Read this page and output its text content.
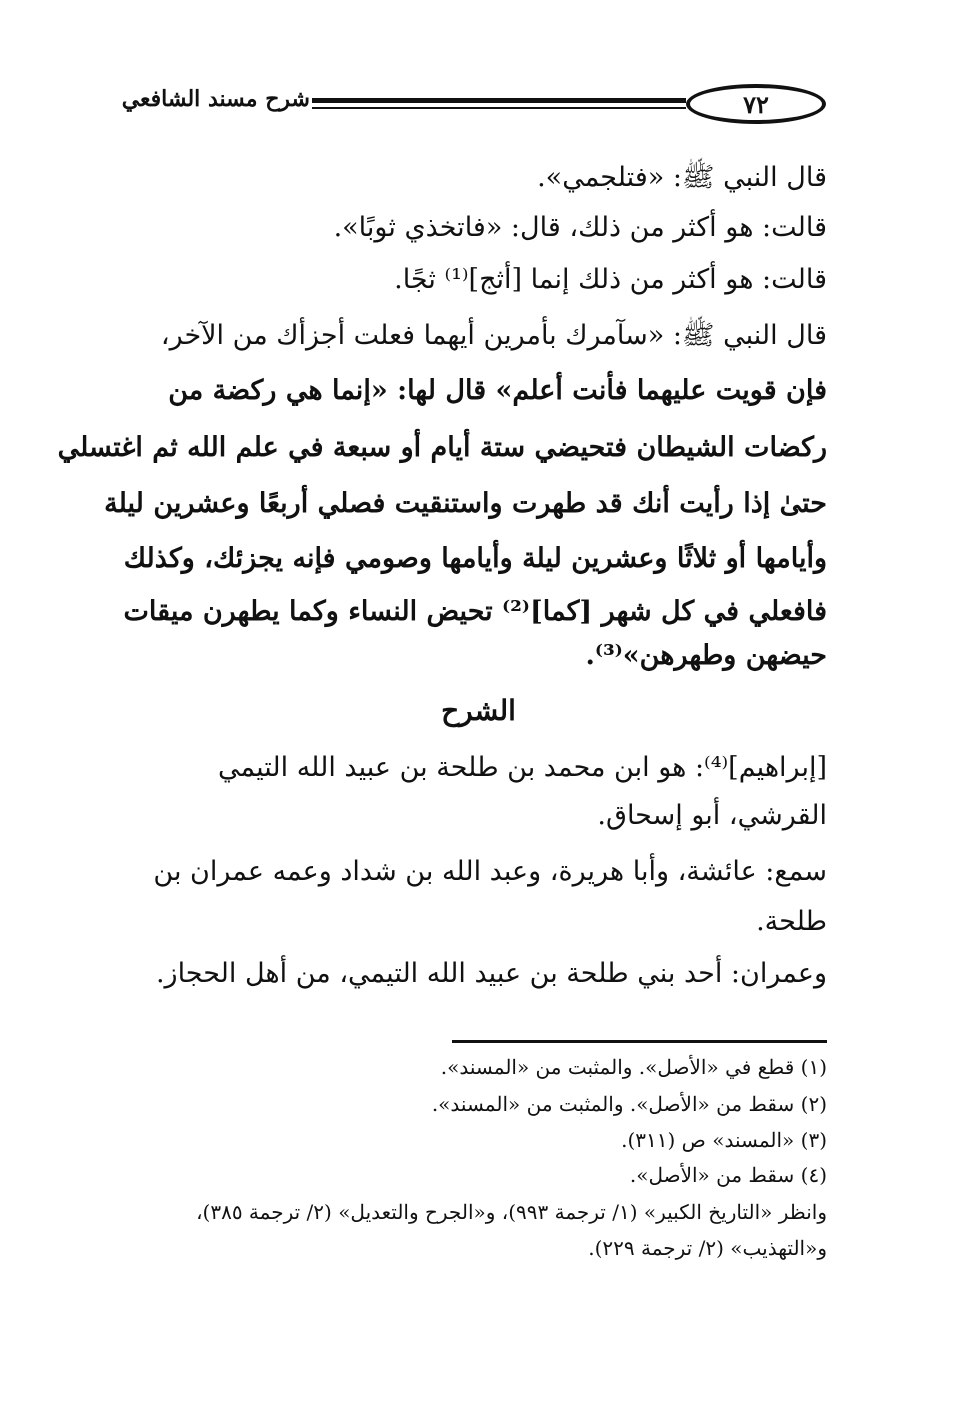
٧٢
شرح مسند الشافعي
قال النبي ﷺ: «فتلجمي».
قالت: هو أكثر من ذلك، قال: «فاتخذي ثوبًا».
قالت: هو أكثر من ذلك إنما [أثج]⁽¹⁾ ثجًا.
قال النبي ﷺ: «سآمرك بأمرين أيهما فعلت أجزأك من الآخر،
فإن قويت عليهما فأنت أعلم» قال لها: «إنما هي ركضة من
ركضات الشيطان فتحيضي ستة أيام أو سبعة في علم الله ثم اغتسلي
حتىٰ إذا رأيت أنك قد طهرت واستنقيت فصلي أربعًا وعشرين ليلة
وأيامها أو ثلاثًا وعشرين ليلة وأيامها وصومي فإنه يجزئك، وكذلك
فافعلي في كل شهر [كما]⁽²⁾ تحيض النساء وكما يطهرن ميقات
حيضهن وطهرهن»⁽³⁾.
الشرح
[إبراهيم]⁽⁴⁾: هو ابن محمد بن طلحة بن عبيد الله التيمي
القرشي، أبو إسحاق.
سمع: عائشة، وأبا هريرة، وعبد الله بن شداد وعمه عمران بن
طلحة.
وعمران: أحد بني طلحة بن عبيد الله التيمي، من أهل الحجاز.
(١) قطع في «الأصل». والمثبت من «المسند».
(٢) سقط من «الأصل». والمثبت من «المسند».
(٣) «المسند» ص (٣١١).
(٤) سقط من «الأصل».
وانظر «التاريخ الكبير» (١/ ترجمة ٩٩٣)، و«الجرح والتعديل» (٢/ ترجمة ٣٨٥)،
و«التهذيب» (٢/ ترجمة ٢٢٩).
